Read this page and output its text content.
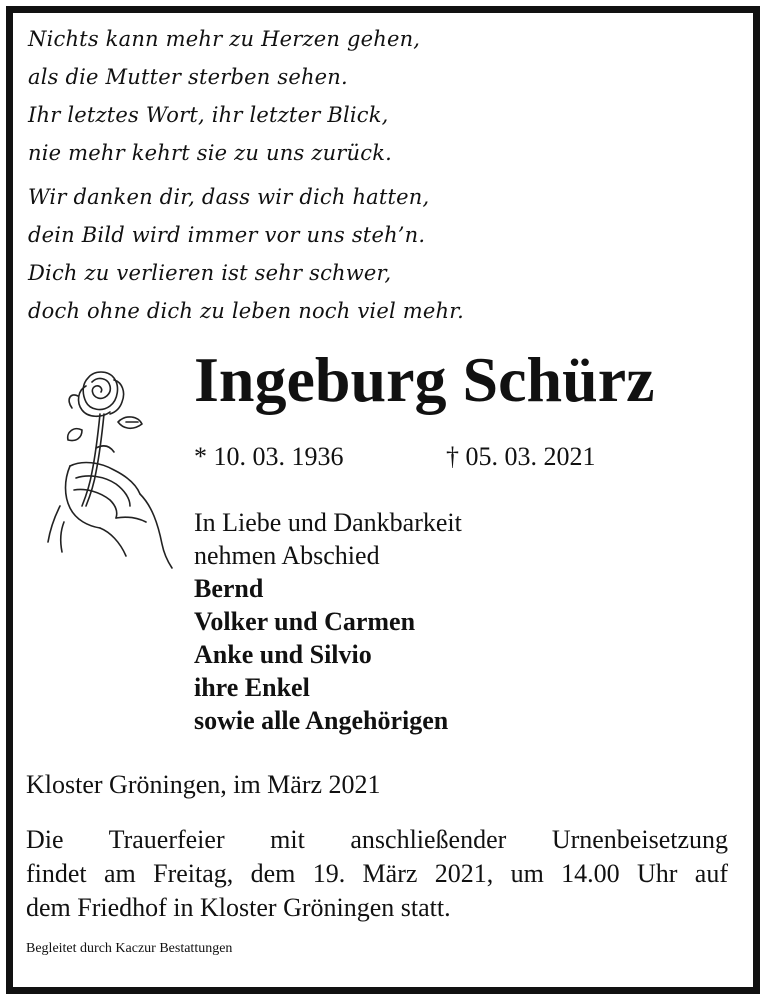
Nichts kann mehr zu Herzen gehen,
als die Mutter sterben sehen.
Ihr letztes Wort, ihr letzter Blick,
nie mehr kehrt sie zu uns zurück.
Wir danken dir, dass wir dich hatten,
dein Bild wird immer vor uns steh’n.
Dich zu verlieren ist sehr schwer,
doch ohne dich zu leben noch viel mehr.
Ingeburg Schürz
* 10. 03. 1936	† 05. 03. 2021
In Liebe und Dankbarkeit
nehmen Abschied
Bernd
Volker und Carmen
Anke und Silvio
ihre Enkel
sowie alle Angehörigen
Kloster Gröningen, im März 2021
Die Trauerfeier mit anschließender Urnenbeisetzung
findet am Freitag, dem 19. März 2021, um 14.00 Uhr auf
dem Friedhof in Kloster Gröningen statt.
Begleitet durch Kaczur Bestattungen
